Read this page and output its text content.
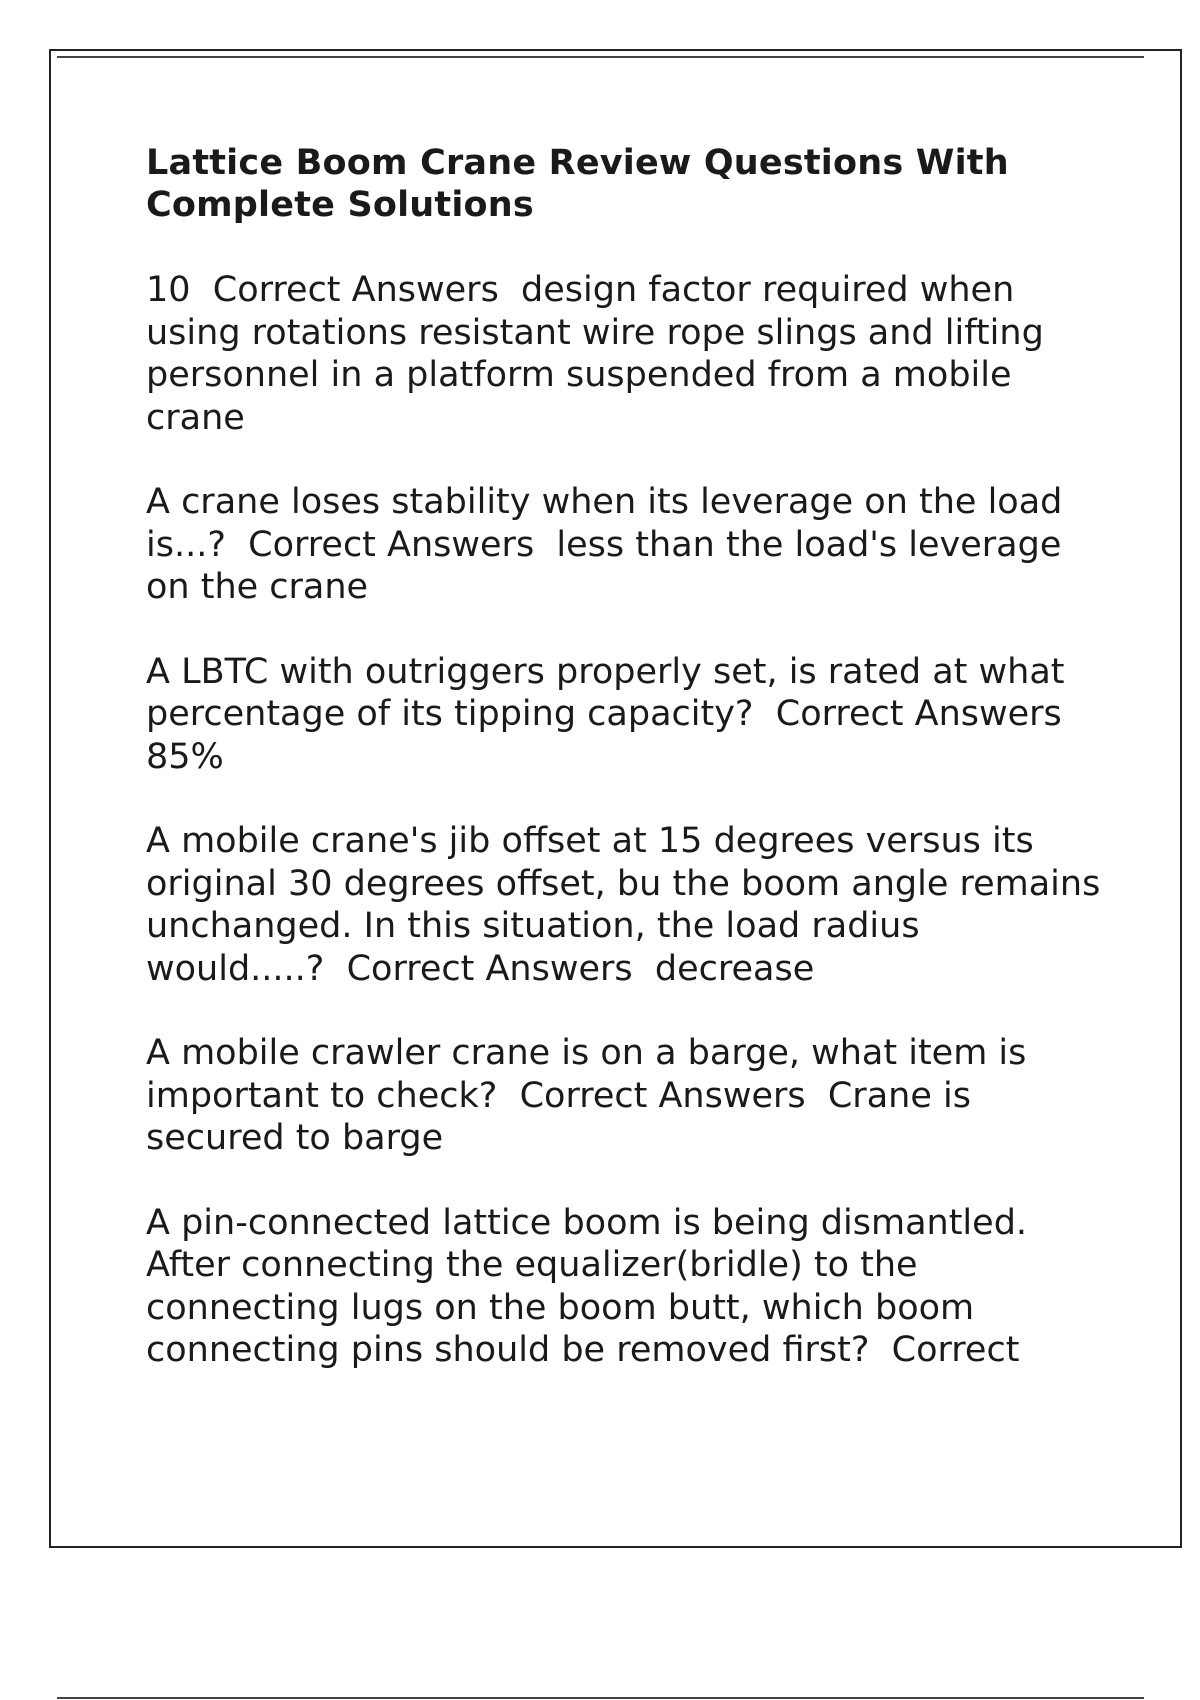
Lattice Boom Crane Review Questions With Complete Solutions

10  Correct Answers  design factor required when using rotations resistant wire rope slings and lifting personnel in a platform suspended from a mobile crane

A crane loses stability when its leverage on the load is...?  Correct Answers  less than the load's leverage on the crane

A LBTC with outriggers properly set, is rated at what percentage of its tipping capacity?  Correct Answers  85%

A mobile crane's jib offset at 15 degrees versus its original 30 degrees offset, bu the boom angle remains unchanged. In this situation, the load radius would.....?  Correct Answers  decrease

A mobile crawler crane is on a barge, what item is important to check?  Correct Answers  Crane is secured to barge

A pin-connected lattice boom is being dismantled. After connecting the equalizer(bridle) to the connecting lugs on the boom butt, which boom connecting pins should be removed first?  Correct
